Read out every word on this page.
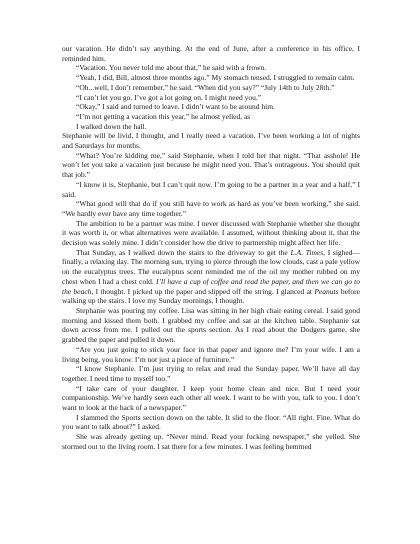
our vacation. He didn’t say anything. At the end of June, after a conference in his office, I reminded him.

“Vacation. You never told me about that,” he said with a frown.

“Yeah, I did, Bill, almost three months ago.” My stomach tensed. I struggled to remain calm.

“Oh...well, I don’t remember,” he said. “When did you say?” “July 14th to July 28th.”

“I can’t let you go. I’ve got a lot going on. I might need you.”

“Okay,” I said and turned to leave. I didn’t want to be around him.

“I’m not getting a vacation this year,” he almost yelled, as

I walked down the hall.

Stephanie will be livid, I thought, and I really need a vacation. I’ve been working a lot of nights and Saturdays for months.

“What? You’re kidding me,” said Stephanie, when I told her that night. “That asshole! He won’t let you take a vacation just because he might need you. That’s outrageous. You should quit that job.”

“I know it is, Stephanie, but I can’t quit now. I’m going to be a partner in a year and a half,” I said.

“What good will that do if you still have to work as hard as you’ve been working,” she said. “We hardly ever have any time together.”

The ambition to be a partner was mine. I never discussed with Stephanie whether she thought it was worth it, or what alternatives were available. I assumed, without thinking about it, that the decision was solely mine. I didn’t consider how the drive to partnership might affect her life.

That Sunday, as I walked down the stairs to the driveway to get the L.A. Times, I sighed—finally, a relaxing day. The morning sun, trying to pierce through the low clouds, cast a pale yellow on the eucalyptus trees. The eucalyptus scent reminded me of the oil my mother rubbed on my chest when I had a chest cold. I’ll have a cup of coffee and read the paper, and then we can go to the beach, I thought. I picked up the paper and slipped off the string. I glanced at Peanuts before walking up the stairs. I love my Sunday mornings, I thought.

Stephanie was pouring my coffee. Lisa was sitting in her high chair eating cereal. I said good morning and kissed them both. I grabbed my coffee and sat at the kitchen table. Stephanie sat down across from me. I pulled out the sports section. As I read about the Dodgers game, she grabbed the paper and pulled it down.

“Are you just going to stick your face in that paper and ignore me? I’m your wife. I am a living being, you know. I’m not just a piece of furniture.”

“I know Stephanie. I’m just trying to relax and read the Sunday paper. We’ll have all day together. I need time to myself too.”

“I take care of your daughter. I keep your home clean and nice. But I need your companionship. We’ve hardly seen each other all week. I want to be with you, talk to you. I don’t want to look at the back of a newspaper.”

I slammed the Sports section down on the table. It slid to the floor. “All right. Fine. What do you want to talk about?” I asked.

She was already getting up. “Never mind. Read your fucking newspaper,” she yelled. She stormed out to the living room. I sat there for a few minutes. I was feeling hemmed
